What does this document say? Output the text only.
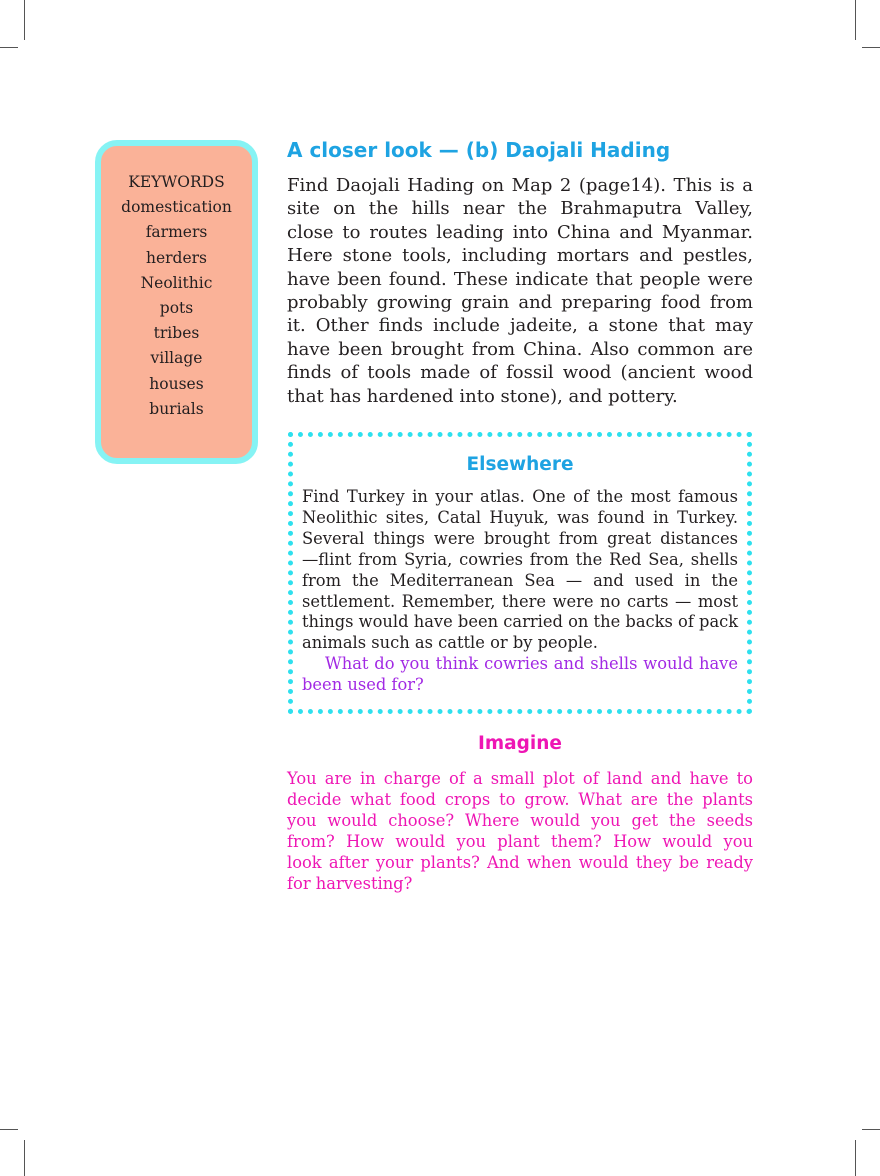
KEYWORDS
domestication
farmers
herders
Neolithic
pots
tribes
village
houses
burials
A closer look — (b) Daojali Hading
Find Daojali Hading on Map 2 (page14). This is a
site on the hills near the Brahmaputra Valley,
close to routes leading into China and Myanmar.
Here stone tools, including mortars and pestles,
have been found. These indicate that people were
probably growing grain and preparing food from
it. Other finds include jadeite, a stone that may
have been brought from China. Also common are
finds of tools made of fossil wood (ancient wood
that has hardened into stone), and pottery.
Elsewhere
Find Turkey in your atlas. One of the most famous
Neolithic sites, Catal Huyuk, was found in Turkey.
Several things were brought from great distances
—flint from Syria, cowries from the Red Sea, shells
from the Mediterranean Sea — and used in the
settlement. Remember, there were no carts — most
things would have been carried on the backs of pack
animals such as cattle or by people.
What do you think cowries and shells would have
been used for?
Imagine
You are in charge of a small plot of land and have to
decide what food crops to grow. What are the plants
you would choose? Where would you get the seeds
from? How would you plant them? How would you
look after your plants? And when would they be ready
for harvesting?
